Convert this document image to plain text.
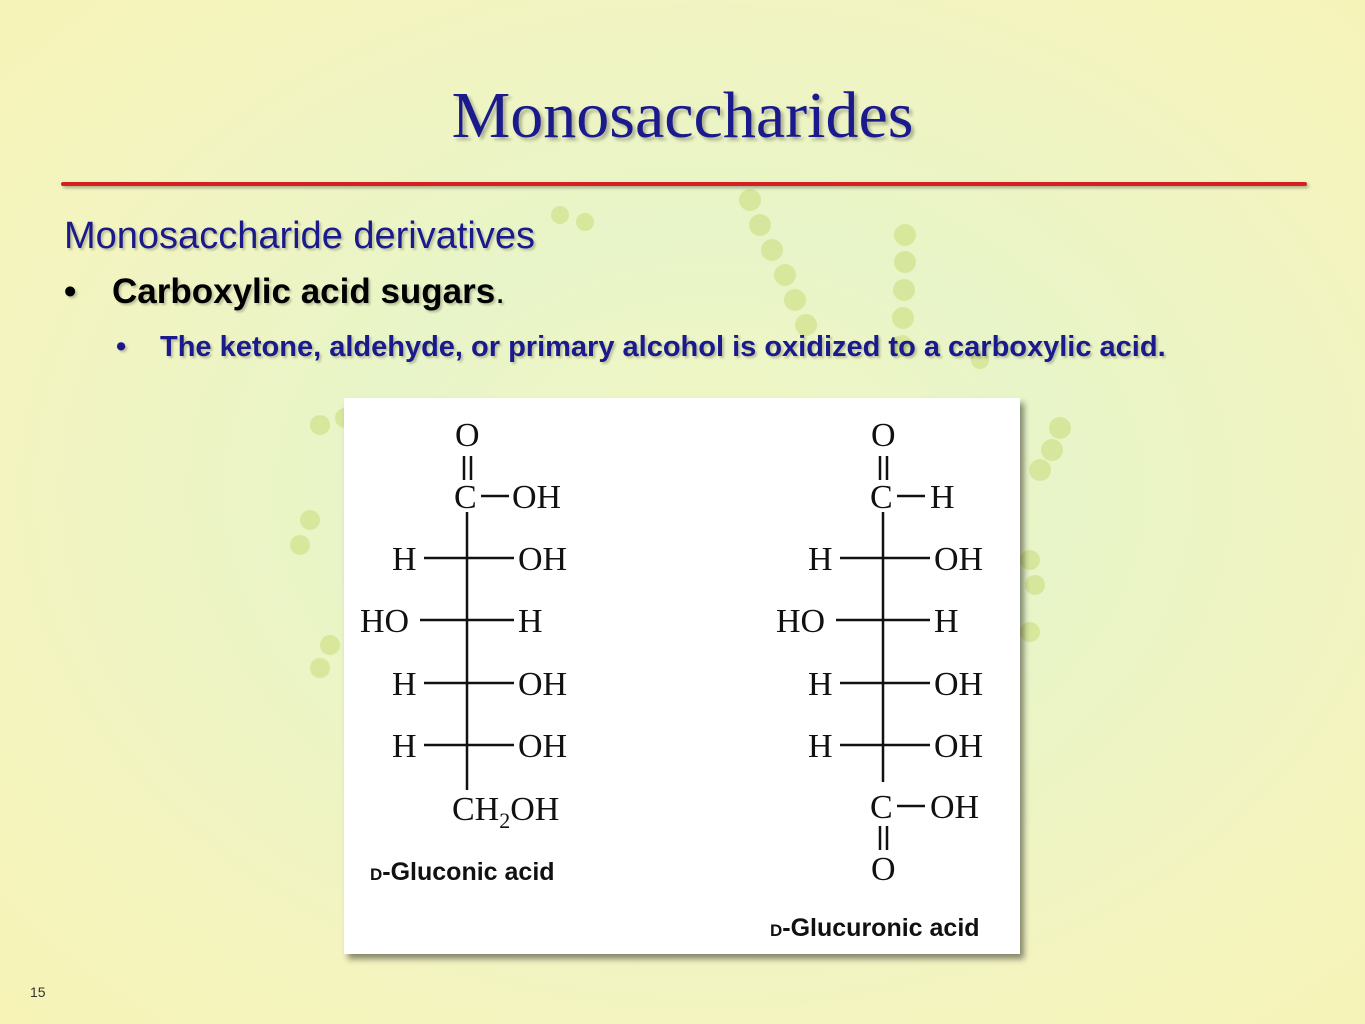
Monosaccharides
Monosaccharide derivatives
• Carboxylic acid sugars.
•	The ketone, aldehyde, or primary alcohol is oxidized to a carboxylic acid.
O
C OH
H	OH
HO	H
H	OH
H	OH
$CH_2OH$
O
C H
H	OH
HO	H
H	OH
H	OH
C OH
O
D-Gluconic acid
D-Glucuronic acid
15
